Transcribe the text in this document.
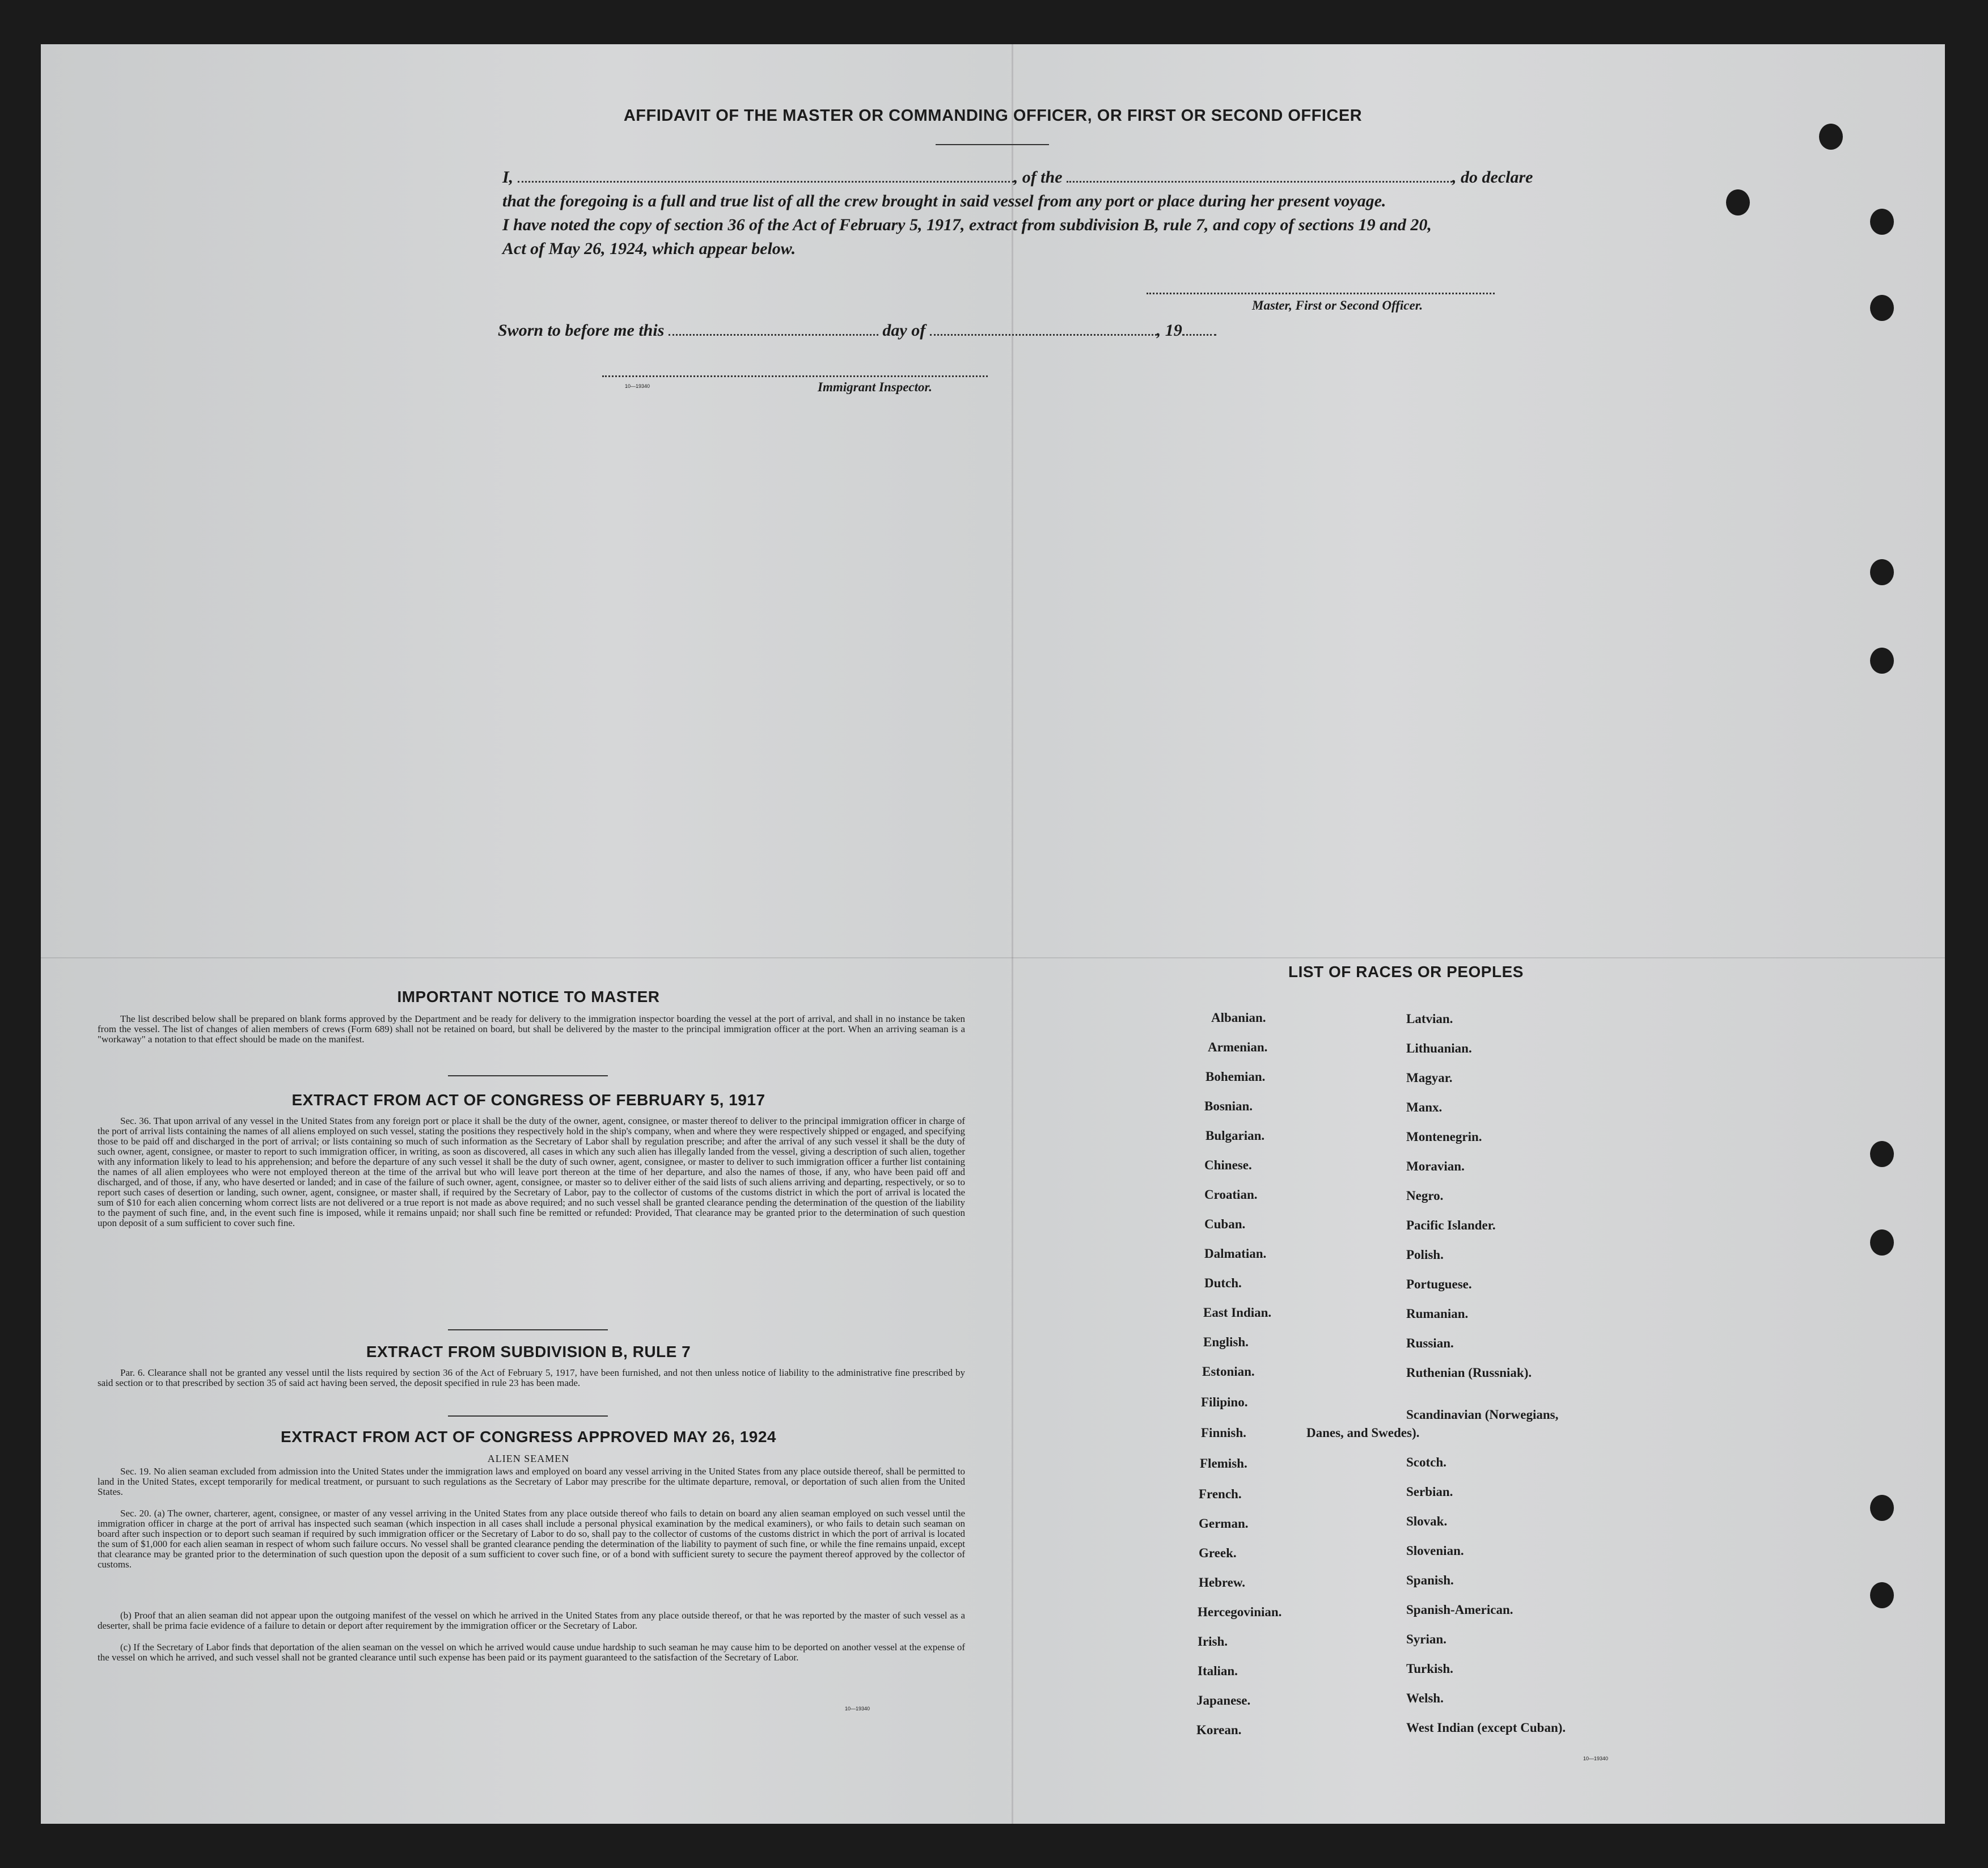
AFFIDAVIT OF THE MASTER OR COMMANDING OFFICER, OR FIRST OR SECOND OFFICER
I,	, of the	, do declare
that the foregoing is a full and true list of all the crew brought in said vessel from any port or place during her present voyage.
I have noted the copy of section 36 of the Act of February 5, 1917, extract from subdivision B, rule 7, and copy of sections 19 and 20,
Act of May 26, 1924, which appear below.
Master, First or Second Officer.
Sworn to before me this	day of	, 19
10—19340	Immigrant Inspector.
IMPORTANT NOTICE TO MASTER
The list described below shall be prepared on blank forms approved by the Department and be ready for delivery to the immigration inspector boarding the vessel at the port of arrival, and shall in no instance be taken from the vessel. The list of changes of alien members of crews (Form 689) shall not be retained on board, but shall be delivered by the master to the principal immigration officer at the port. When an arriving seaman is a "workaway" a notation to that effect should be made on the manifest.
EXTRACT FROM ACT OF CONGRESS OF FEBRUARY 5, 1917
Sec. 36. That upon arrival of any vessel in the United States from any foreign port or place it shall be the duty of the owner, agent, consignee, or master thereof to deliver to the principal immigration officer in charge of the port of arrival lists containing the names of all aliens employed on such vessel, stating the positions they respectively hold in the ship's company, when and where they were respectively shipped or engaged, and specifying those to be paid off and discharged in the port of arrival; or lists containing so much of such information as the Secretary of Labor shall by regulation prescribe; and after the arrival of any such vessel it shall be the duty of such owner, agent, consignee, or master to report to such immigration officer, in writing, as soon as discovered, all cases in which any such alien has illegally landed from the vessel, giving a description of such alien, together with any information likely to lead to his apprehension; and before the departure of any such vessel it shall be the duty of such owner, agent, consignee, or master to deliver to such immigration officer a further list containing the names of all alien employees who were not employed thereon at the time of the arrival but who will leave port thereon at the time of her departure, and also the names of those, if any, who have been paid off and discharged, and of those, if any, who have deserted or landed; and in case of the failure of such owner, agent, consignee, or master so to deliver either of the said lists of such aliens arriving and departing, respectively, or so to report such cases of desertion or landing, such owner, agent, consignee, or master shall, if required by the Secretary of Labor, pay to the collector of customs of the customs district in which the port of arrival is located the sum of $10 for each alien concerning whom correct lists are not delivered or a true report is not made as above required; and no such vessel shall be granted clearance pending the determination of the question of the liability to the payment of such fine, and, in the event such fine is imposed, while it remains unpaid; nor shall such fine be remitted or refunded: Provided, That clearance may be granted prior to the determination of such question upon deposit of a sum sufficient to cover such fine.
EXTRACT FROM SUBDIVISION B, RULE 7
Par. 6. Clearance shall not be granted any vessel until the lists required by section 36 of the Act of February 5, 1917, have been furnished, and not then unless notice of liability to the administrative fine prescribed by said section or to that prescribed by section 35 of said act having been served, the deposit specified in rule 23 has been made.
EXTRACT FROM ACT OF CONGRESS APPROVED MAY 26, 1924
ALIEN SEAMEN
Sec. 19. No alien seaman excluded from admission into the United States under the immigration laws and employed on board any vessel arriving in the United States from any place outside thereof, shall be permitted to land in the United States, except temporarily for medical treatment, or pursuant to such regulations as the Secretary of Labor may prescribe for the ultimate departure, removal, or deportation of such alien from the United States.
Sec. 20. (a) The owner, charterer, agent, consignee, or master of any vessel arriving in the United States from any place outside thereof who fails to detain on board any alien seaman employed on such vessel until the immigration officer in charge at the port of arrival has inspected such seaman (which inspection in all cases shall include a personal physical examination by the medical examiners), or who fails to detain such seaman on board after such inspection or to deport such seaman if required by such immigration officer or the Secretary of Labor to do so, shall pay to the collector of customs of the customs district in which the port of arrival is located the sum of $1,000 for each alien seaman in respect of whom such failure occurs. No vessel shall be granted clearance pending the determination of the liability to payment of such fine, or while the fine remains unpaid, except that clearance may be granted prior to the determination of such question upon the deposit of a sum sufficient to cover such fine, or of a bond with sufficient surety to secure the payment thereof approved by the collector of customs.
(b) Proof that an alien seaman did not appear upon the outgoing manifest of the vessel on which he arrived in the United States from any place outside thereof, or that he was reported by the master of such vessel as a deserter, shall be prima facie evidence of a failure to detain or deport after requirement by the immigration officer or the Secretary of Labor.
(c) If the Secretary of Labor finds that deportation of the alien seaman on the vessel on which he arrived would cause undue hardship to such seaman he may cause him to be deported on another vessel at the expense of the vessel on which he arrived, and such vessel shall not be granted clearance until such expense has been paid or its payment guaranteed to the satisfaction of the Secretary of Labor.
10—19340
LIST OF RACES OR PEOPLES
Albanian.
Armenian.
Bohemian.
Bosnian.
Bulgarian.
Chinese.
Croatian.
Cuban.
Dalmatian.
Dutch.
East Indian.
English.
Estonian.
Filipino.
Finnish.
Flemish.
French.
German.
Greek.
Hebrew.
Hercegovinian.
Irish.
Italian.
Japanese.
Korean.
Latvian.
Lithuanian.
Magyar.
Manx.
Montenegrin.
Moravian.
Negro.
Pacific Islander.
Polish.
Portuguese.
Rumanian.
Russian.
Ruthenian (Russniak).
Scandinavian (Norwegians,
Scotch.
Serbian.
Slovak.
Slovenian.
Spanish.
Spanish-American.
Syrian.
Turkish.
Welsh.
West Indian (except Cuban).
Danes, and Swedes).
10—19340
